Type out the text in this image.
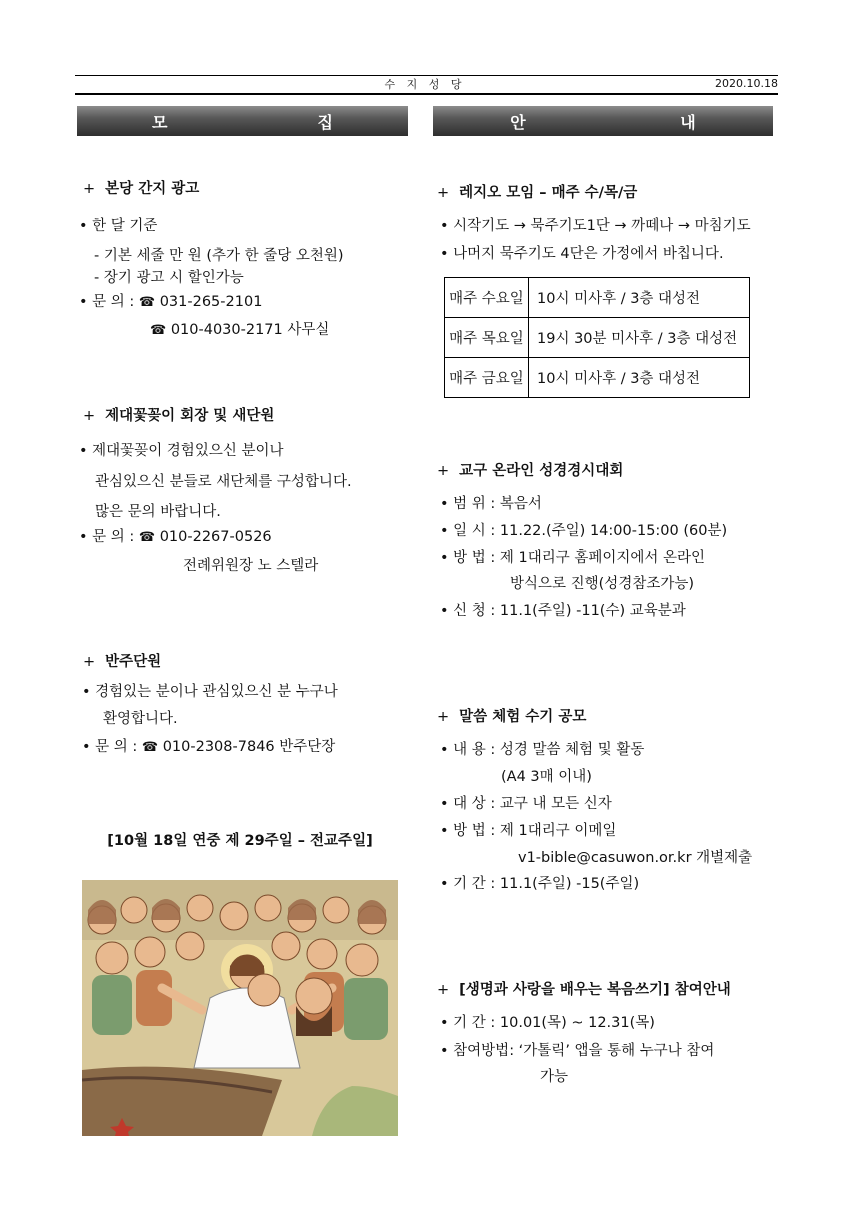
수 지 성 당	2020.10.18
모	집	안	내
+ 본당 간지 광고
• 한 달 기준
- 기본 세줄 만 원 (추가 한 줄당 오천원)
- 장기 광고 시 할인가능
• 문 의 : ☎ 031-265-2101
☎ 010-4030-2171 사무실
+ 제대꽃꽂이 회장 및 새단원
• 제대꽃꽂이 경험있으신 분이나
관심있으신 분들로 새단체를 구성합니다.
많은 문의 바랍니다.
• 문 의 : ☎ 010-2267-0526
전례위원장 노 스텔라
+ 반주단원
• 경험있는 분이나 관심있으신 분 누구나
환영합니다.
• 문 의 : ☎ 010-2308-7846 반주단장
[10월 18일 연중 제 29주일 – 전교주일]
+ 레지오 모임 – 매주 수/목/금
• 시작기도 → 묵주기도1단 → 까떼나 → 마침기도
• 나머지 묵주기도 4단은 가정에서 바칩니다.
매주 수요일	10시 미사후 / 3층 대성전
매주 목요일	19시 30분 미사후 / 3층 대성전
매주 금요일	10시 미사후 / 3층 대성전
+ 교구 온라인 성경경시대회
• 범 위 : 복음서
• 일 시 : 11.22.(주일) 14:00-15:00 (60분)
• 방 법 : 제 1대리구 홈페이지에서 온라인
방식으로 진행(성경참조가능)
• 신 청 : 11.1(주일) -11(수) 교육분과
+ 말씀 체험 수기 공모
• 내 용 : 성경 말씀 체험 및 활동
(A4 3매 이내)
• 대 상 : 교구 내 모든 신자
• 방 법 : 제 1대리구 이메일
v1-bible@casuwon.or.kr 개별제출
• 기 간 : 11.1(주일) -15(주일)
+ [생명과 사랑을 배우는 복음쓰기] 참여안내
• 기 간 : 10.01(목) ~ 12.31(목)
• 참여방법: ‘가톨릭’ 앱을 통해 누구나 참여
가능
